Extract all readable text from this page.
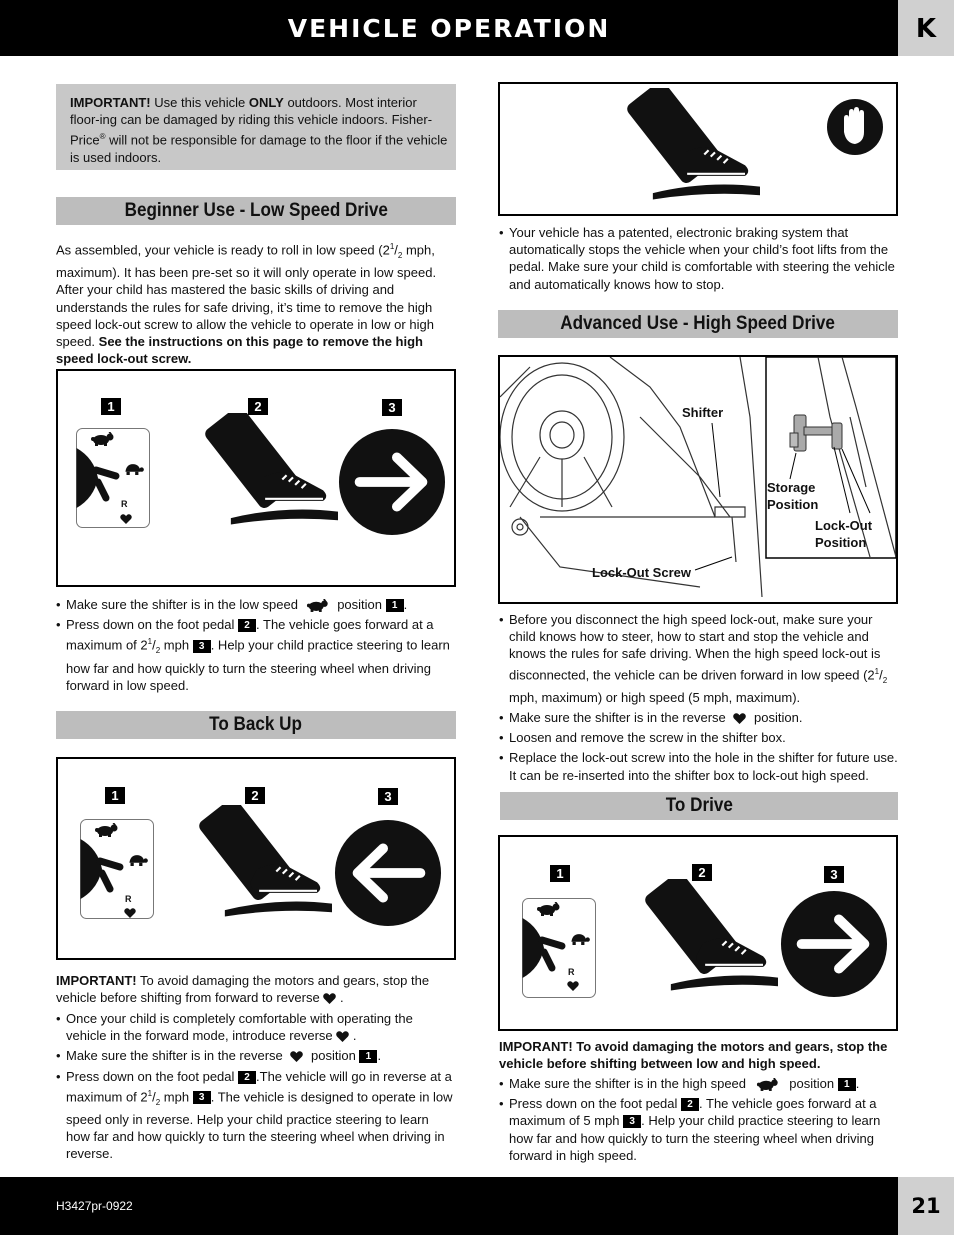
VEHICLE OPERATION	K
IMPORTANT! Use this vehicle ONLY outdoors. Most interior floor-ing can be damaged by riding this vehicle indoors. Fisher-Price® will not be responsible for damage to the floor if the vehicle is used indoors.
Beginner Use - Low Speed Drive
As assembled, your vehicle is ready to roll in low speed ($2^1/_2$ mph, maximum). It has been pre-set so it will only operate in low speed. After your child has mastered the basic skills of driving and understands the rules for safe driving, it’s time to remove the high speed lock-out screw to allow the vehicle to operate in low or high speed. See the instructions on this page to remove the high speed lock-out screw.
1	2	3
R
• Make sure the shifter is in the low speed	position 1 .
• Press down on the foot pedal 2 . The vehicle goes forward at a maximum of $2^1/_2$ mph 3 . Help your child practice steering to learn how far and how quickly to turn the steering wheel when driving forward in low speed.
To Back Up
1	2	3
R
IMPORTANT! To avoid damaging the motors and gears, stop the vehicle before shifting from forward to reverse .
• Once your child is completely comfortable with operating the vehicle in the forward mode, introduce reverse .
• Make sure the shifter is in the reverse position 1 .
• Press down on the foot pedal 2 .The vehicle will go in reverse at a maximum of $2^1/_2$ mph 3 . The vehicle is designed to operate in low speed only in reverse. Help your child practice steering to learn how far and how quickly to turn the steering wheel when driving in reverse.
• Your vehicle has a patented, electronic braking system that automatically stops the vehicle when your child’s foot lifts from the pedal. Make sure your child is comfortable with steering the vehicle and automatically knows how to stop.
Advanced Use - High Speed Drive
Shifter
Storage
Position
Lock-Out
Position
Lock-Out Screw
• Before you disconnect the high speed lock-out, make sure your child knows how to steer, how to start and stop the vehicle and knows the rules for safe driving. When the high speed lock-out is disconnected, the vehicle can be driven forward in low speed ($2^1/_2$ mph, maximum) or high speed (5 mph, maximum).
• Make sure the shifter is in the reverse position.
• Loosen and remove the screw in the shifter box.
• Replace the lock-out screw into the hole in the shifter for future use. It can be re-inserted into the shifter box to lock-out high speed.
To Drive
1	2	3
R
IMPORANT! To avoid damaging the motors and gears, stop the vehicle before shifting between low and high speed.
• Make sure the shifter is in the high speed	position 1 .
• Press down on the foot pedal 2 . The vehicle goes forward at a maximum of 5 mph 3 . Help your child practice steering to learn how far and how quickly to turn the steering wheel when driving forward in high speed.
H3427pr-0922	21
